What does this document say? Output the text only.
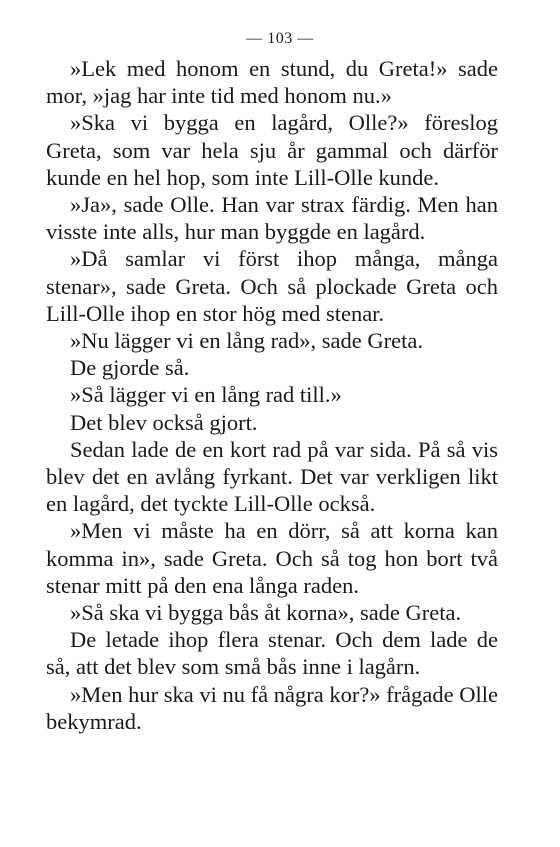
— 103 —

»Lek med honom en stund, du Greta!» sade mor, »jag har inte tid med honom nu.»

»Ska vi bygga en lagård, Olle?» föreslog Greta, som var hela sju år gammal och därför kunde en hel hop, som inte Lill-Olle kunde.

»Ja», sade Olle. Han var strax färdig. Men han visste inte alls, hur man byggde en lagård.

»Då samlar vi först ihop många, många stenar», sade Greta. Och så plockade Greta och Lill-Olle ihop en stor hög med stenar.

»Nu lägger vi en lång rad», sade Greta.

De gjorde så.

»Så lägger vi en lång rad till.»

Det blev också gjort.

Sedan lade de en kort rad på var sida. På så vis blev det en avlång fyrkant. Det var verkligen likt en lagård, det tyckte Lill-Olle också.

»Men vi måste ha en dörr, så att korna kan komma in», sade Greta. Och så tog hon bort två stenar mitt på den ena långa raden.

»Så ska vi bygga bås åt korna», sade Greta.

De letade ihop flera stenar. Och dem lade de så, att det blev som små bås inne i lagårn.

»Men hur ska vi nu få några kor?» frågade Olle bekymrad.
